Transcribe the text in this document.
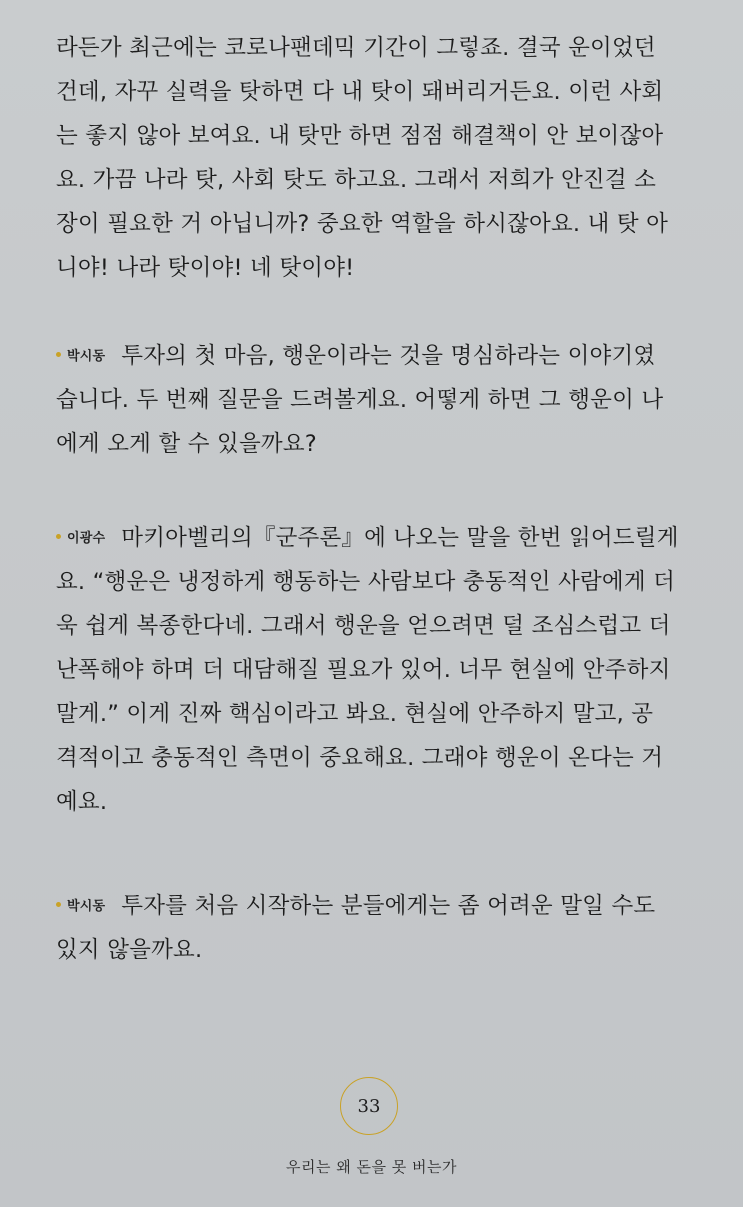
라든가 최근에는 코로나팬데믹 기간이 그렇죠. 결국 운이었던
건데, 자꾸 실력을 탓하면 다 내 탓이 돼버리거든요. 이런 사회
는 좋지 않아 보여요. 내 탓만 하면 점점 해결책이 안 보이잖아
요. 가끔 나라 탓, 사회 탓도 하고요. 그래서 저희가 안진걸 소
장이 필요한 거 아닙니까? 중요한 역할을 하시잖아요. 내 탓 아
니야! 나라 탓이야! 네 탓이야!
박시동 투자의 첫 마음, 행운이라는 것을 명심하라는 이야기였
습니다. 두 번째 질문을 드려볼게요. 어떻게 하면 그 행운이 나
에게 오게 할 수 있을까요?
이광수 마키아벨리의『군주론』에 나오는 말을 한번 읽어드릴게
요. “행운은 냉정하게 행동하는 사람보다 충동적인 사람에게 더
욱 쉽게 복종한다네. 그래서 행운을 얻으려면 덜 조심스럽고 더
난폭해야 하며 더 대담해질 필요가 있어. 너무 현실에 안주하지
말게.” 이게 진짜 핵심이라고 봐요. 현실에 안주하지 말고, 공
격적이고 충동적인 측면이 중요해요. 그래야 행운이 온다는 거
예요.
박시동 투자를 처음 시작하는 분들에게는 좀 어려운 말일 수도
있지 않을까요.
33
우리는 왜 돈을 못 버는가
